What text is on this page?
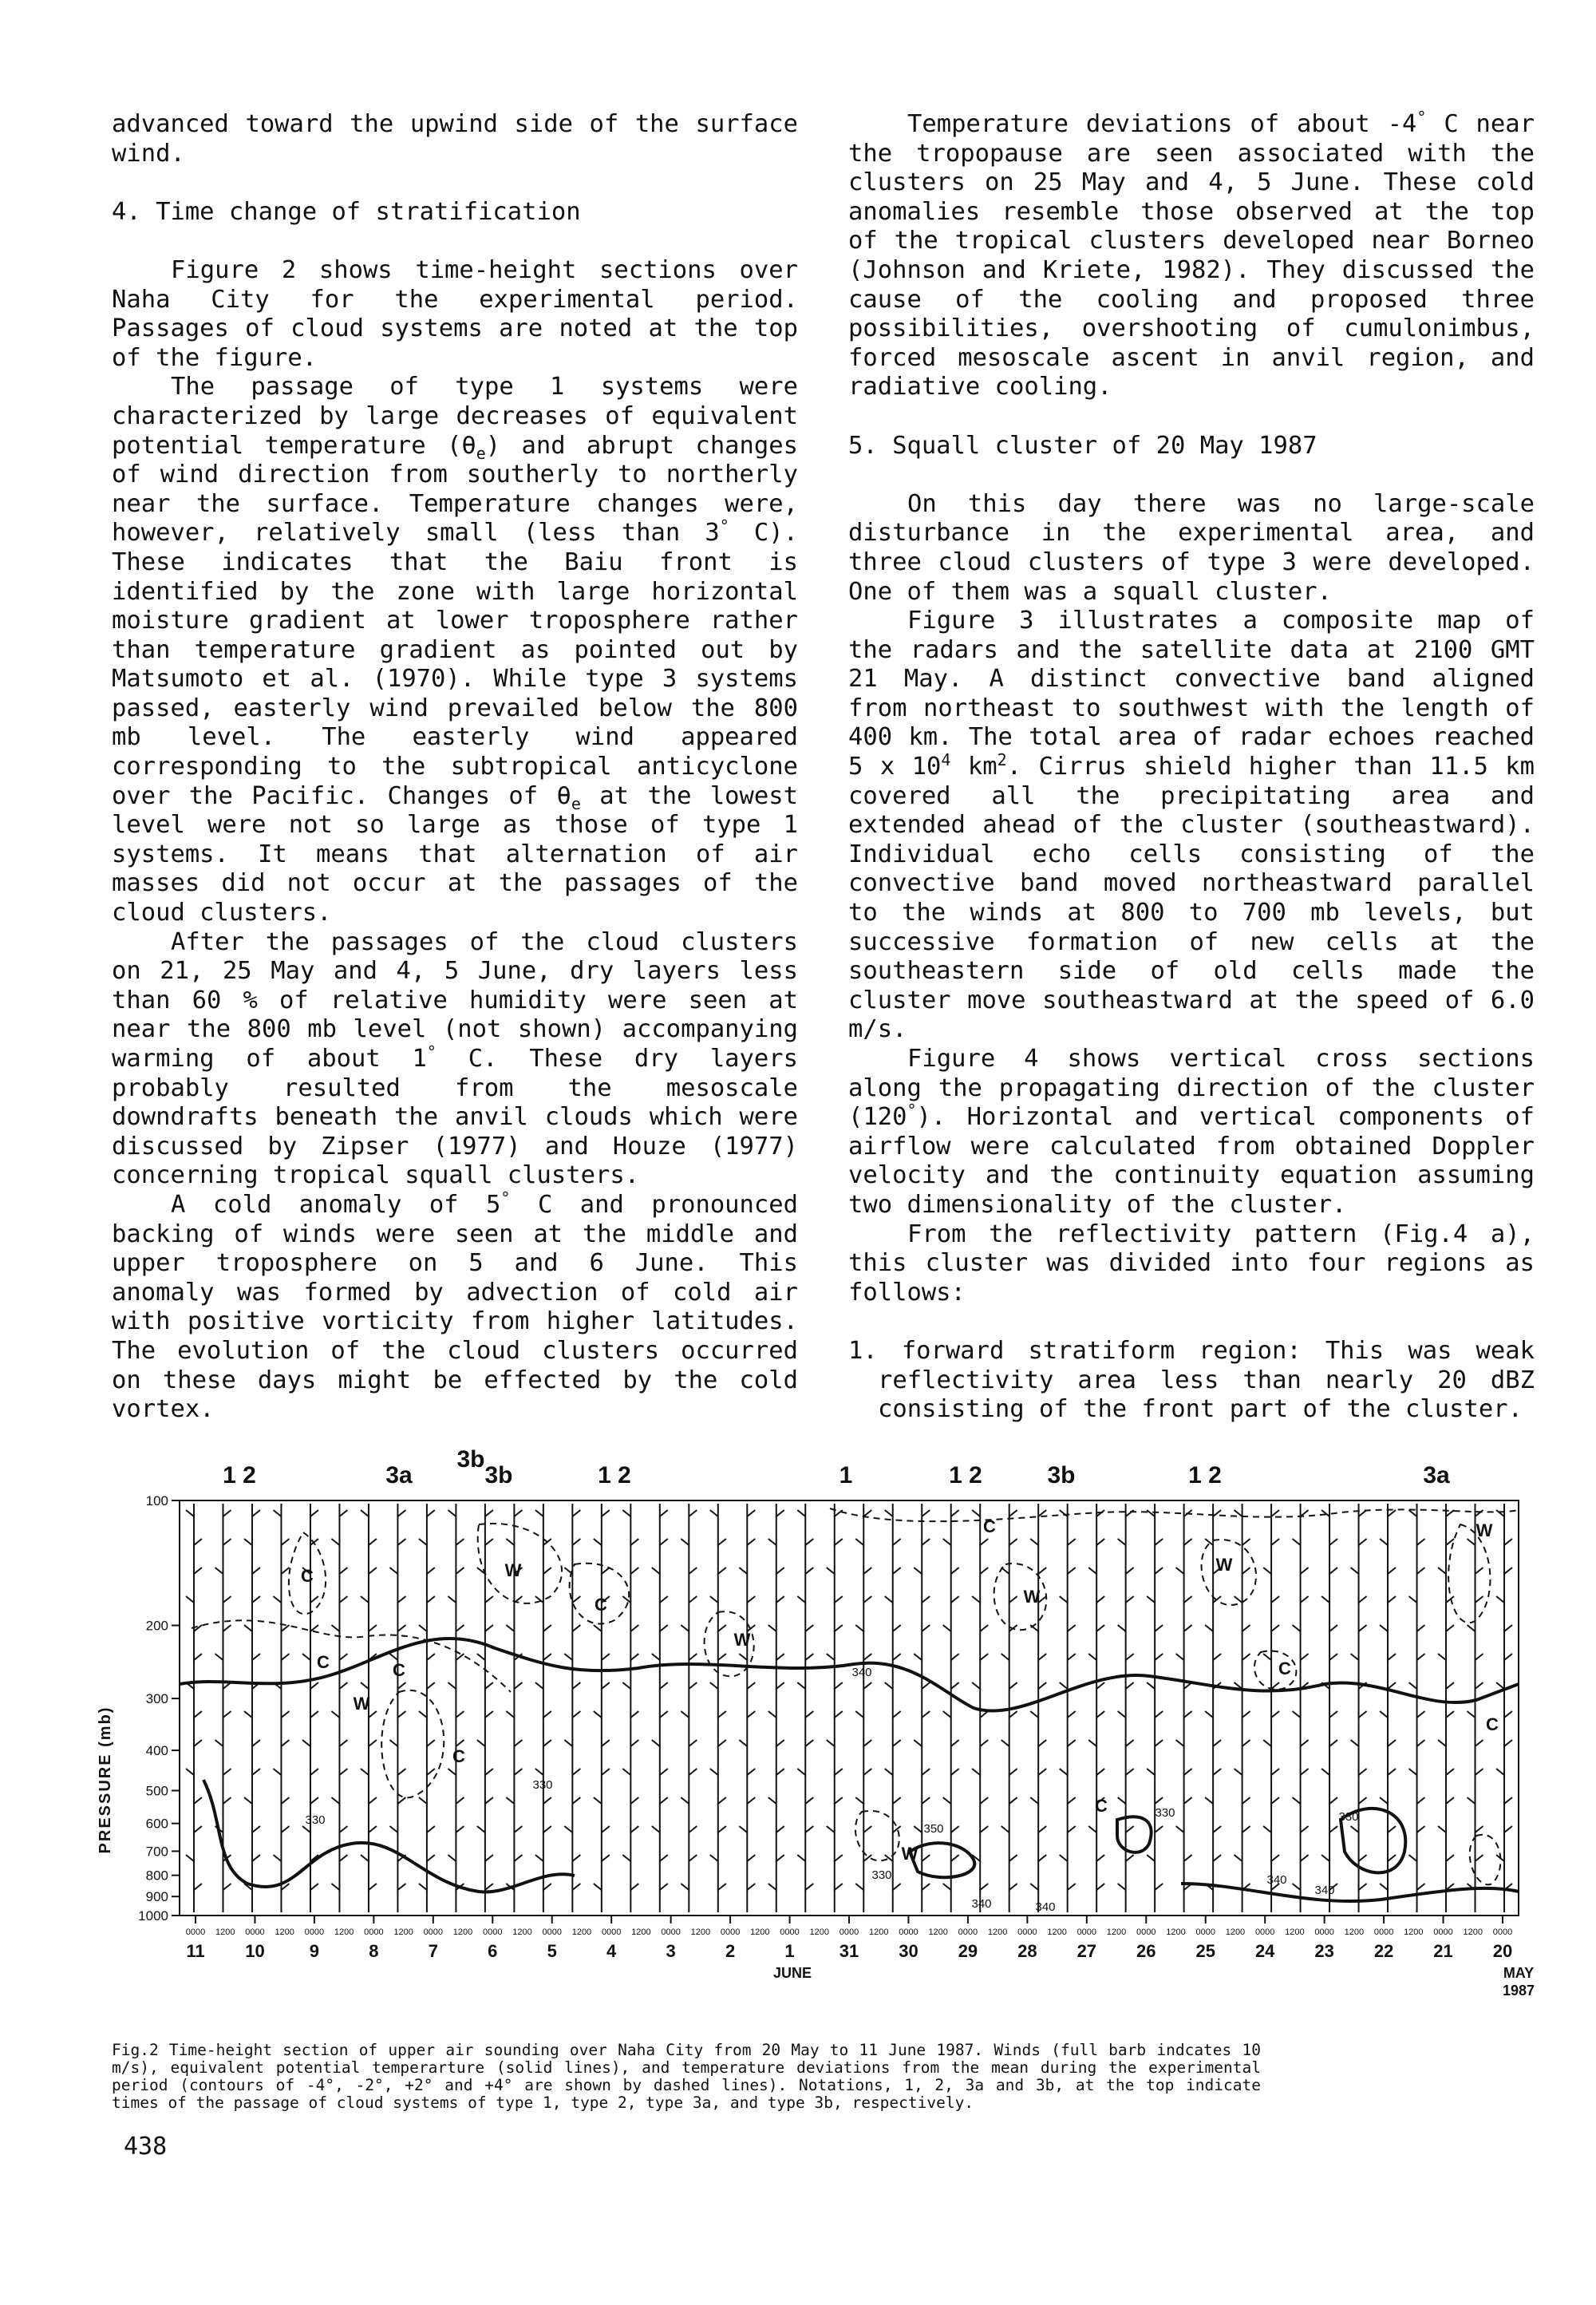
advanced toward the upwind side of the surface wind.

4. Time change of stratification

Figure 2 shows time-height sections over Naha City for the experimental period. Passages of cloud systems are noted at the top of the figure.

The passage of type 1 systems were characterized by large decreases of equivalent potential temperature $(\theta_e)$ and abrupt changes of wind direction from southerly to northerly near the surface. Temperature changes were, however, relatively small (less than 3° C). These indicates that the Baiu front is identified by the zone with large horizontal moisture gradient at lower troposphere rather than temperature gradient as pointed out by Matsumoto et al. (1970). While type 3 systems passed, easterly wind prevailed below the 800 mb level. The easterly wind appeared corresponding to the subtropical anticyclone over the Pacific. Changes of $\theta_e$ at the lowest level were not so large as those of type 1 systems. It means that alternation of air masses did not occur at the passages of the cloud clusters.

After the passages of the cloud clusters on 21, 25 May and 4, 5 June, dry layers less than 60 % of relative humidity were seen at near the 800 mb level (not shown) accompanying warming of about 1° C. These dry layers probably resulted from the mesoscale downdrafts beneath the anvil clouds which were discussed by Zipser (1977) and Houze (1977) concerning tropical squall clusters.

A cold anomaly of 5° C and pronounced backing of winds were seen at the middle and upper troposphere on 5 and 6 June. This anomaly was formed by advection of cold air with positive vorticity from higher latitudes. The evolution of the cloud clusters occurred on these days might be effected by the cold vortex.

Temperature deviations of about -4° C near the tropopause are seen associated with the clusters on 25 May and 4, 5 June. These cold anomalies resemble those observed at the top of the tropical clusters developed near Borneo (Johnson and Kriete, 1982). They discussed the cause of the cooling and proposed three possibilities, overshooting of cumulonimbus, forced mesoscale ascent in anvil region, and radiative cooling.

5. Squall cluster of 20 May 1987

On this day there was no large-scale disturbance in the experimental area, and three cloud clusters of type 3 were developed. One of them was a squall cluster.

Figure 3 illustrates a composite map of the radars and the satellite data at 2100 GMT 21 May. A distinct convective band aligned from northeast to southwest with the length of 400 km. The total area of radar echoes reached 5 x $10^4$ $km^2$. Cirrus shield higher than 11.5 km covered all the precipitating area and extended ahead of the cluster (southeastward). Individual echo cells consisting of the convective band moved northeastward parallel to the winds at 800 to 700 mb levels, but successive formation of new cells at the southeastern side of old cells made the cluster move southeastward at the speed of 6.0 m/s.

Figure 4 shows vertical cross sections along the propagating direction of the cluster (120°). Horizontal and vertical components of airflow were calculated from obtained Doppler velocity and the continuity equation assuming two dimensionality of the cluster.

From the reflectivity pattern (Fig.4 a), this cluster was divided into four regions as follows:

1. forward stratiform region: This was weak reflectivity area less than nearly 20 dBZ consisting of the front part of the cluster.

PRESSURE (mb)
100
200
300
400
500
600
700
800
900
1000
1 2	3a
3b
3b	1 2	1	1 2	3b	1 2	3a
C	W
C
W
W
W
C
C
W
C
C
W
C	W
C
C
340
330
330
350
330
340
340
330	330
340
340
0000 1200
11
0000 1200
10
0000 1200
9
0000 1200
8
0000 1200
7
0000 1200
6
0000 1200
5
0000 1200
4
0000 1200
3
0000 1200
2
0000 1200
1
0000 1200
31
0000 1200
30
0000 1200
29
0000 1200
28
0000 1200
27
0000 1200
26
0000 1200
25
0000 1200
24
0000 1200
23
0000 1200
22
0000 1200
21
0000
20
JUNE	MAY
1987
Fig.2 Time-height section of upper air sounding over Naha City from 20 May to 11 June 1987. Winds (full barb indcates 10 m/s), equivalent potential temperarture (solid lines), and temperature deviations from the mean during the experimental period (contours of -4°, -2°, +2° and +4° are shown by dashed lines). Notations, 1, 2, 3a and 3b, at the top indicate times of the passage of cloud systems of type 1, type 2, type 3a, and type 3b, respectively.
438
